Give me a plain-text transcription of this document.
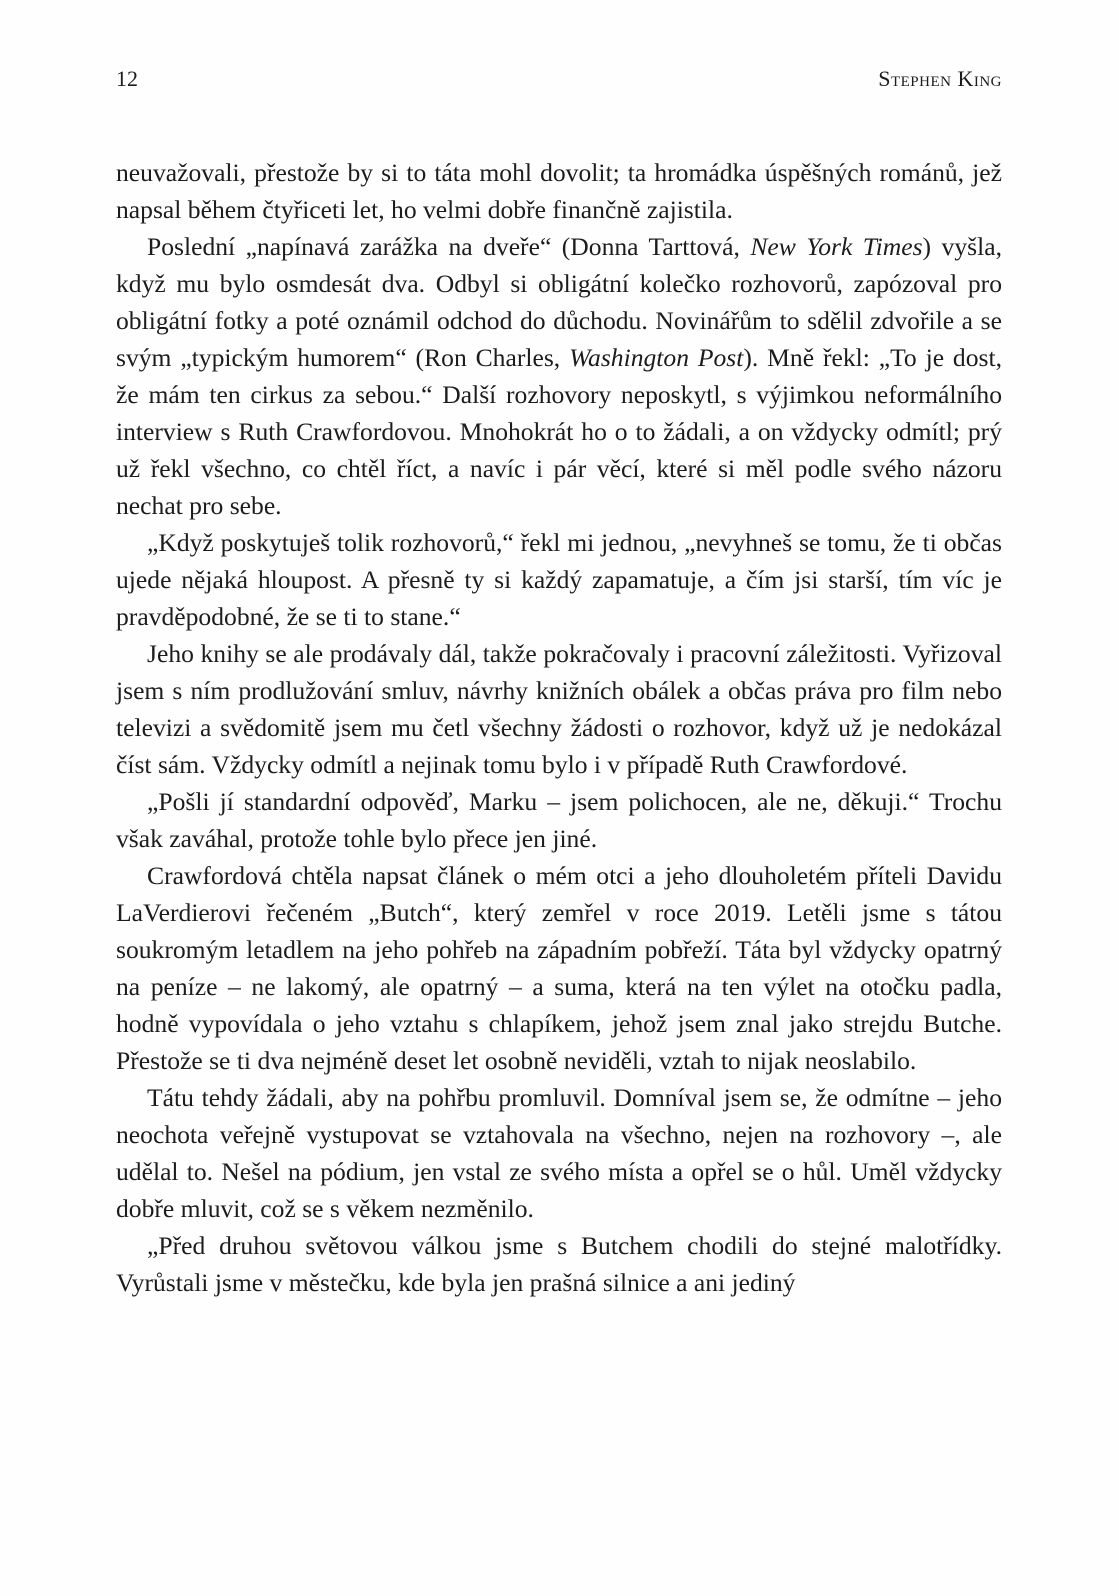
12	Stephen King

neuvažovali, přestože by si to táta mohl dovolit; ta hromádka úspěšných románů, jež napsal během čtyřiceti let, ho velmi dobře finančně zajistila.

Poslední „napínavá zarážka na dveře“ (Donna Tarttová, New York Times) vyšla, když mu bylo osmdesát dva. Odbyl si obligátní kolečko rozhovorů, zapózoval pro obligátní fotky a poté oznámil odchod do důchodu. Novinářům to sdělil zdvořile a se svým „typickým humorem“ (Ron Charles, Washington Post). Mně řekl: „To je dost, že mám ten cirkus za sebou.“ Další rozhovory neposkytl, s výjimkou neformálního interview s Ruth Crawfordovou. Mnohokrát ho o to žádali, a on vždycky odmítl; prý už řekl všechno, co chtěl říct, a navíc i pár věcí, které si měl podle svého názoru nechat pro sebe.

„Když poskytuješ tolik rozhovorů,“ řekl mi jednou, „nevyhneš se tomu, že ti občas ujede nějaká hloupost. A přesně ty si každý zapamatuje, a čím jsi starší, tím víc je pravděpodobné, že se ti to stane.“

Jeho knihy se ale prodávaly dál, takže pokračovaly i pracovní záležitosti. Vyřizoval jsem s ním prodlužování smluv, návrhy knižních obálek a občas práva pro film nebo televizi a svědomitě jsem mu četl všechny žádosti o rozhovor, když už je nedokázal číst sám. Vždycky odmítl a nejinak tomu bylo i v případě Ruth Crawfordové.

„Pošli jí standardní odpověď, Marku – jsem polichocen, ale ne, děkuji.“ Trochu však zaváhal, protože tohle bylo přece jen jiné.

Crawfordová chtěla napsat článek o mém otci a jeho dlouholetém příteli Davidu LaVerdierovi řečeném „Butch“, který zemřel v roce 2019. Letěli jsme s tátou soukromým letadlem na jeho pohřeb na západním pobřeží. Táta byl vždycky opatrný na peníze – ne lakomý, ale opatrný – a suma, která na ten výlet na otočku padla, hodně vypovídala o jeho vztahu s chlapíkem, jehož jsem znal jako strejdu Butche. Přestože se ti dva nejméně deset let osobně neviděli, vztah to nijak neoslabilo.

Tátu tehdy žádali, aby na pohřbu promluvil. Domníval jsem se, že odmítne – jeho neochota veřejně vystupovat se vztahovala na všechno, nejen na rozhovory –, ale udělal to. Nešel na pódium, jen vstal ze svého místa a opřel se o hůl. Uměl vždycky dobře mluvit, což se s věkem nezměnilo.

„Před druhou světovou válkou jsme s Butchem chodili do stejné malotřídky. Vyrůstali jsme v městečku, kde byla jen prašná silnice a ani jediný
